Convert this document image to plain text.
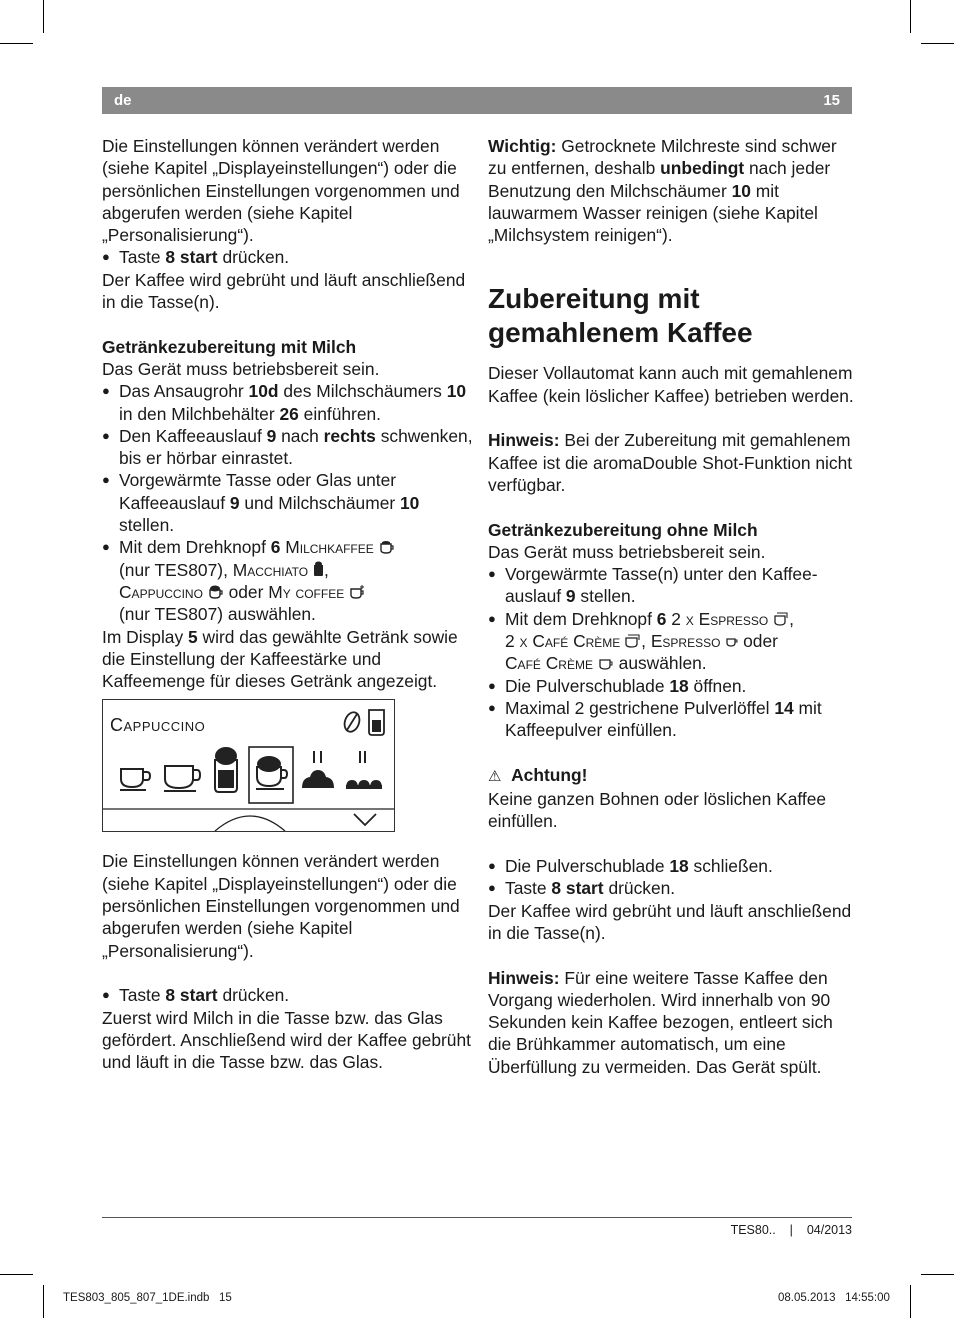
de	15

Die Einstellungen können verändert werden (siehe Kapitel „Displayeinstellungen“) oder die persönlichen Einstellungen vorgenommen und abgerufen werden (siehe Kapitel „Personalisierung“).

● Taste 8 start drücken.

Der Kaffee wird gebrüht und läuft anschließend in die Tasse(n).

Getränkezubereitung mit Milch

Das Gerät muss betriebsbereit sein.

● Das Ansaugrohr 10d des Milchschäumers 10 in den Milchbehälter 26 einführen.

● Den Kaffeeauslauf 9 nach rechts schwenken, bis er hörbar einrastet.

● Vorgewärmte Tasse oder Glas unter Kaffeeauslauf 9 und Milchschäumer 10 stellen.

● Mit dem Drehknopf 6 Milchkaffee
(nur TES807), Macchiato ,
Cappuccino  oder My coffee
(nur TES807) auswählen.

Im Display 5 wird das gewählte Getränk sowie die Einstellung der Kaffeestärke und Kaffeemenge für dieses Getränk angezeigt.

Cappuccino

Die Einstellungen können verändert werden (siehe Kapitel „Displayeinstellungen“) oder die persönlichen Einstellungen vorgenommen und abgerufen werden (siehe Kapitel „Personalisierung“).

● Taste 8 start drücken.

Zuerst wird Milch in die Tasse bzw. das Glas gefördert. Anschließend wird der Kaffee gebrüht und läuft in die Tasse bzw. das Glas.

Wichtig: Getrocknete Milchreste sind schwer zu entfernen, deshalb unbedingt nach jeder Benutzung den Milchschäumer 10 mit lauwarmem Wasser reinigen (siehe Kapitel „Milchsystem reinigen“).

Zubereitung mit gemahlenem Kaffee

Dieser Vollautomat kann auch mit gemahlenem Kaffee (kein löslicher Kaffee) betrieben werden.

Hinweis: Bei der Zubereitung mit gemahlenem Kaffee ist die aromaDouble Shot-Funktion nicht verfügbar.

Getränkezubereitung ohne Milch

Das Gerät muss betriebsbereit sein.

● Vorgewärmte Tasse(n) unter den Kaffeeauslauf 9 stellen.

● Mit dem Drehknopf 6 2 x Espresso ,
2 x Café Crème , Espresso  oder
Café Crème  auswählen.

● Die Pulverschublade 18 öffnen.

● Maximal 2 gestrichene Pulverlöffel 14 mit Kaffeepulver einfüllen.

⚠ Achtung!

Keine ganzen Bohnen oder löslichen Kaffee einfüllen.

● Die Pulverschublade 18 schließen.

● Taste 8 start drücken.

Der Kaffee wird gebrüht und läuft anschließend in die Tasse(n).

Hinweis: Für eine weitere Tasse Kaffee den Vorgang wiederholen. Wird innerhalb von 90 Sekunden kein Kaffee bezogen, entleert sich die Brühkammer automatisch, um eine Überfüllung zu vermeiden. Das Gerät spült.

TES80.. | 04/2013
TES803_805_807_1DE.indb   15	08.05.2013   14:55:00
